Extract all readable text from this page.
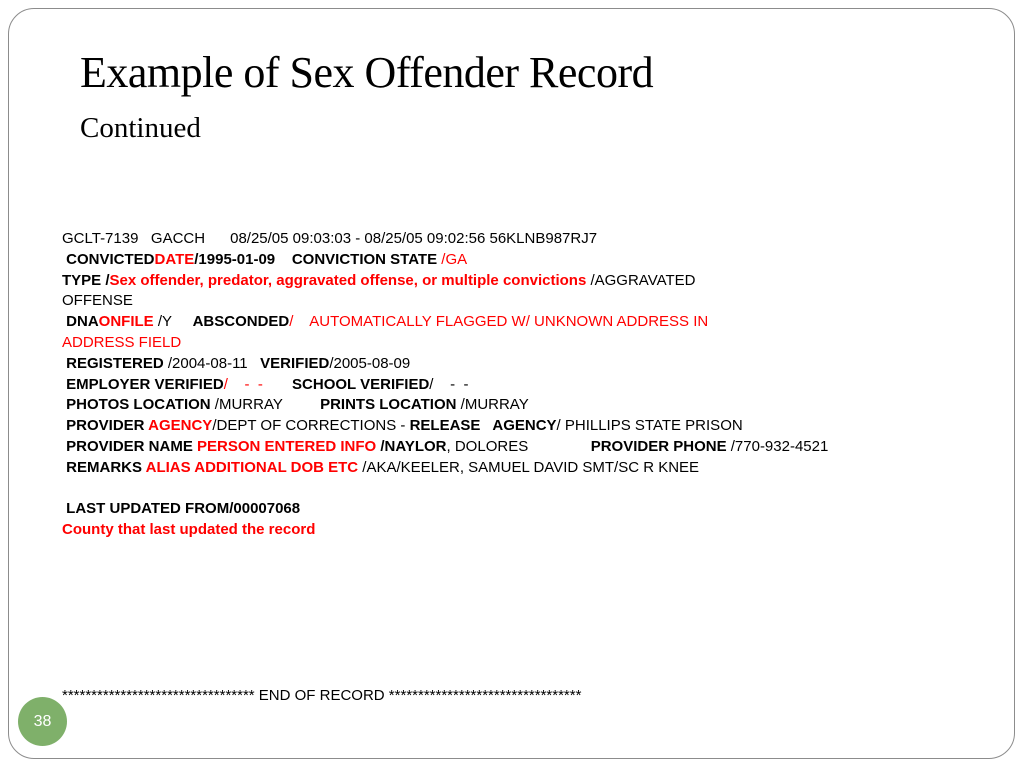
Example of Sex Offender Record
Continued
GCLT-7139   GACCH      08/25/05 09:03:03 - 08/25/05 09:02:56 56KLNB987RJ7
CONVICTEDDATE/1995-01-09    CONVICTION STATE /GA
TYPE /Sex offender, predator, aggravated offense, or multiple convictions /AGGRAVATED
OFFENSE
DNAONFILE /Y     ABSCONDED/    AUTOMATICALLY FLAGGED W/ UNKNOWN ADDRESS IN
ADDRESS FIELD
REGISTERED /2004-08-11   VERIFIED/2005-08-09
EMPLOYER VERIFIED/    -  -       SCHOOL VERIFIED/    -  -
PHOTOS LOCATION /MURRAY         PRINTS LOCATION /MURRAY
PROVIDER AGENCY/DEPT OF CORRECTIONS - RELEASE   AGENCY/ PHILLIPS STATE PRISON
PROVIDER NAME PERSON ENTERED INFO /NAYLOR, DOLORES               PROVIDER PHONE /770-932-4521
REMARKS ALIAS ADDITIONAL DOB ETC /AKA/KEELER, SAMUEL DAVID SMT/SC R KNEE
LAST UPDATED FROM/00007068
County that last updated the record
********************************* END OF RECORD *********************************
38
